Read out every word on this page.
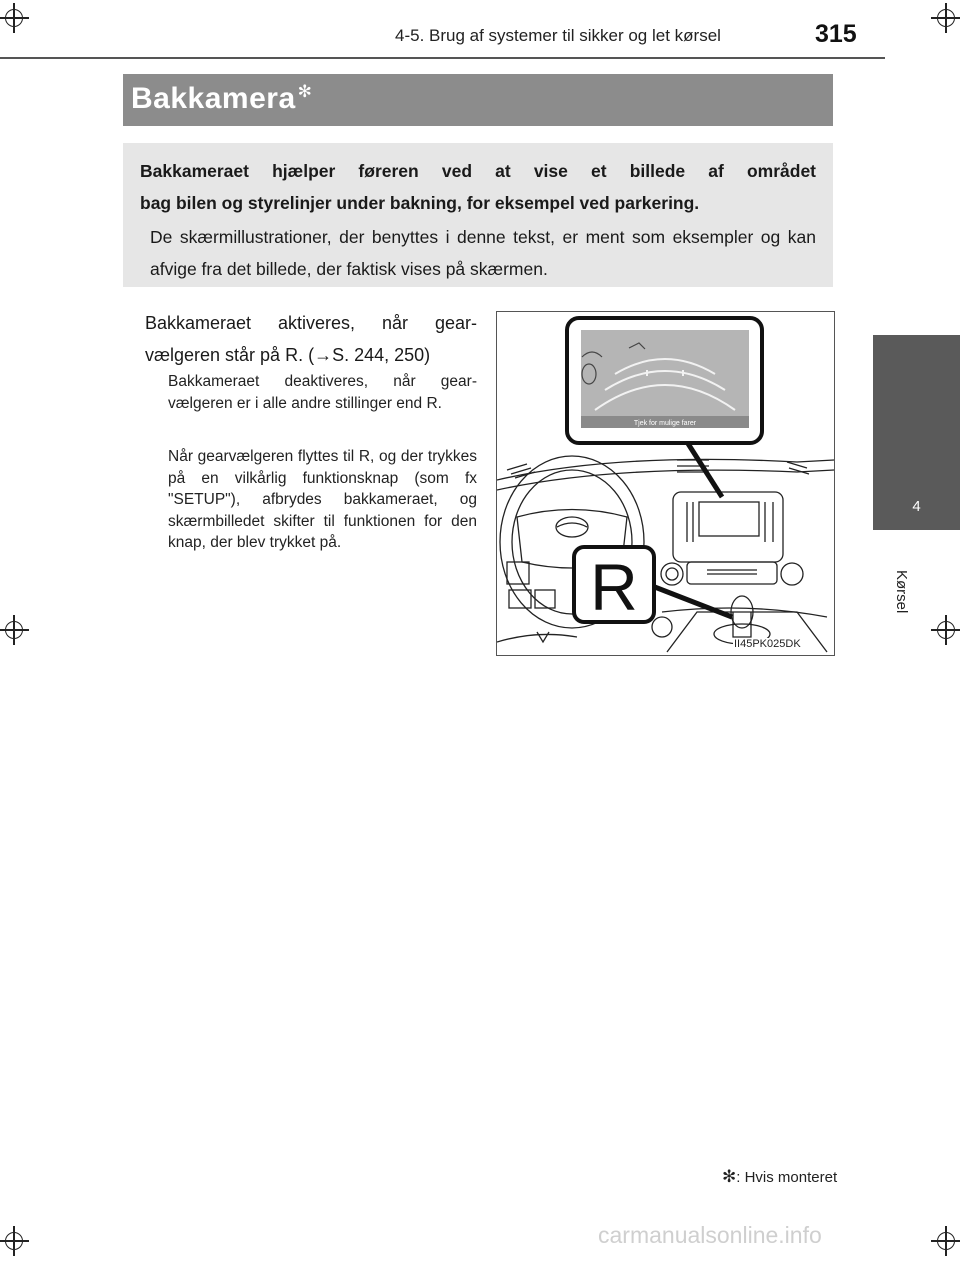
4-5. Brug af systemer til sikker og let kørsel	315
4
Kørsel
Bakkamera ✻
Bakkameraet hjælper føreren ved at vise et billede af området
bag bilen og styrelinjer under bakning, for eksempel ved parkering.
De skærmillustrationer, der benyttes i denne tekst, er ment som eksempler og kan afvige fra det billede, der faktisk vises på skærmen.
Bakkameraet aktiveres, når gear-vælgeren står på R. (→S. 244, 250)
Bakkameraet deaktiveres, når gear-vælgeren er i alle andre stillinger end R.
Når gearvælgeren flyttes til R, og der trykkes på en vilkårlig funktionsknap (som fx "SETUP"), afbrydes bakkameraet, og skærmbilledet skifter til funktionen for den knap, der blev trykket på.
Tjek for mulige farer
R
II45PK025DK
✻: Hvis monteret
carmanualsonline.info
